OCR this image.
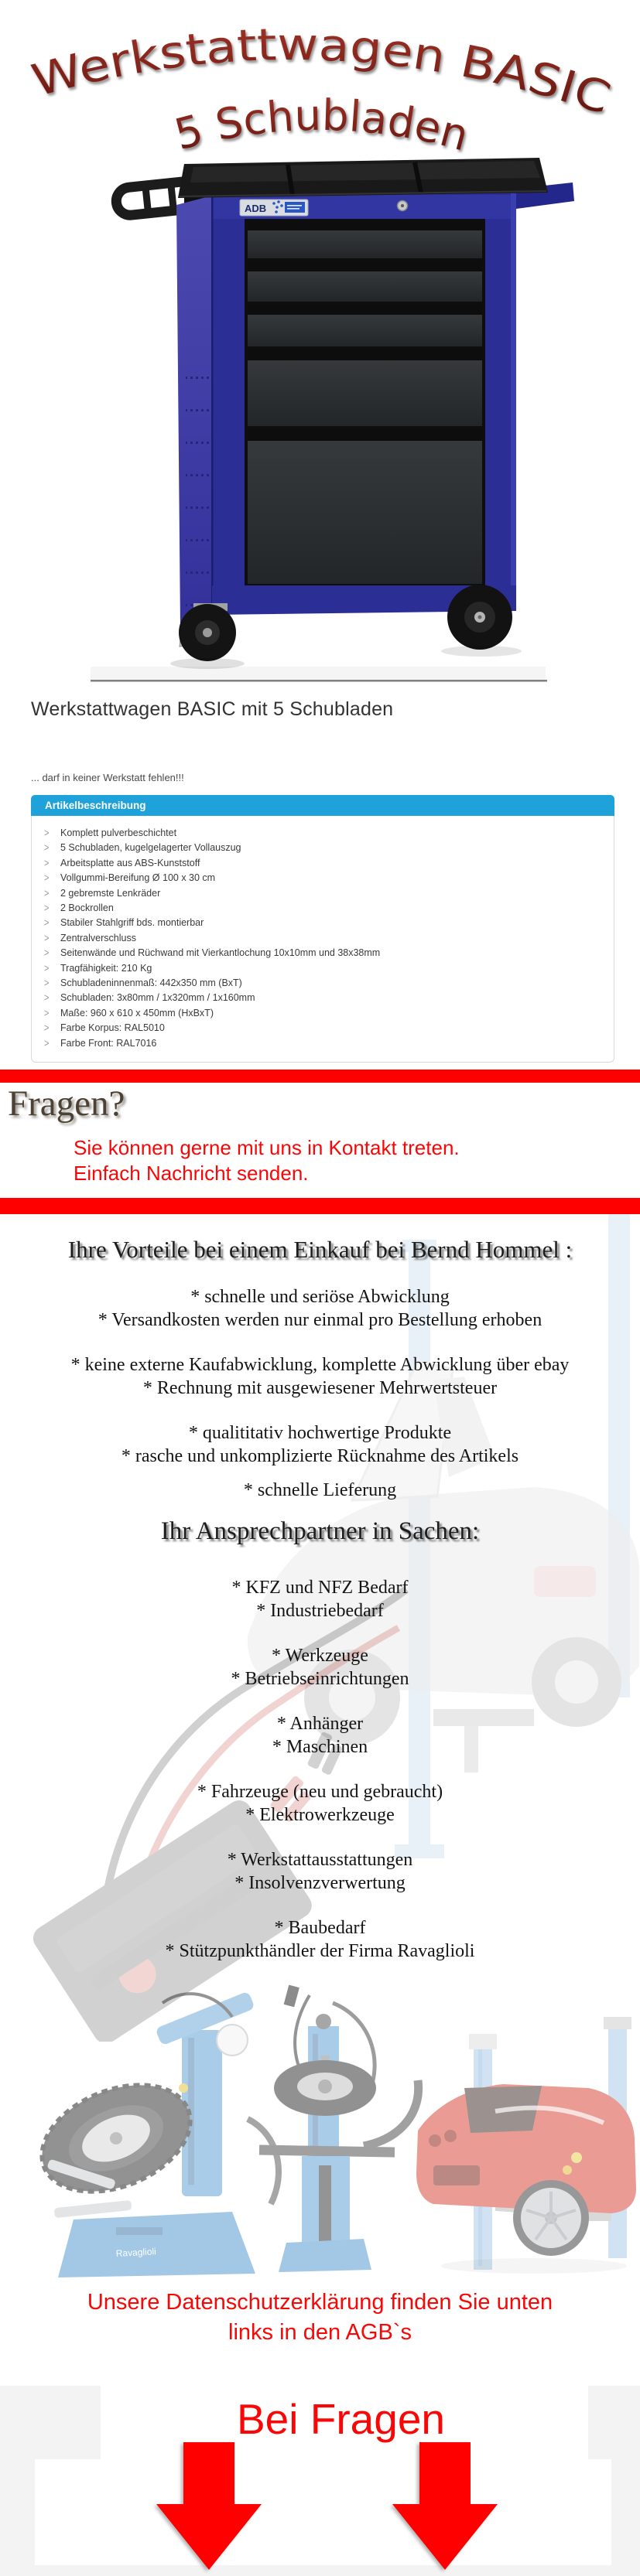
Werkstattwagen BASIC
5 Schubladen
ADB
Werkstattwagen BASIC mit 5 Schubladen
... darf in keiner Werkstatt fehlen!!!
Artikelbeschreibung
>Komplett pulverbeschichtet
>5 Schubladen, kugelgelagerter Vollauszug
>Arbeitsplatte aus ABS-Kunststoff
>Vollgummi-Bereifung Ø 100 x 30 cm
>2 gebremste Lenkräder
>2 Bockrollen
>Stabiler Stahlgriff bds. montierbar
>Zentralverschluss
>Seitenwände und Rüchwand mit Vierkantlochung 10x10mm und 38x38mm
>Tragfähigkeit: 210 Kg
>Schubladeninnenmaß: 442x350 mm (BxT)
>Schubladen: 3x80mm / 1x320mm / 1x160mm
>Maße: 960 x 610 x 450mm (HxBxT)
>Farbe Korpus: RAL5010
>Farbe Front: RAL7016
Fragen?
Sie können gerne mit uns in Kontakt treten.
Einfach Nachricht senden.
Ihre Vorteile bei einem Einkauf bei Bernd Hommel :

* schnelle und seriöse Abwicklung

* Versandkosten werden nur einmal pro Bestellung erhoben

* keine externe Kaufabwicklung, komplette Abwicklung über ebay

* Rechnung mit ausgewiesener Mehrwertsteuer

* qualititativ hochwertige Produkte

* rasche und unkomplizierte Rücknahme des Artikels

* schnelle Lieferung

Ihr Ansprechpartner in Sachen:

* KFZ und NFZ Bedarf

* Industriebedarf

* Werkzeuge

* Betriebseinrichtungen

* Anhänger

* Maschinen

* Fahrzeuge (neu und gebraucht)

* Elektrowerkzeuge

* Werkstattausstattungen

* Insolvenzverwertung

* Baubedarf

* Stützpunkthändler der Firma Ravaglioli

Ravaglioli
Unsere Datenschutzerklärung finden Sie unten
links in den AGB`s
Bei Fragen
